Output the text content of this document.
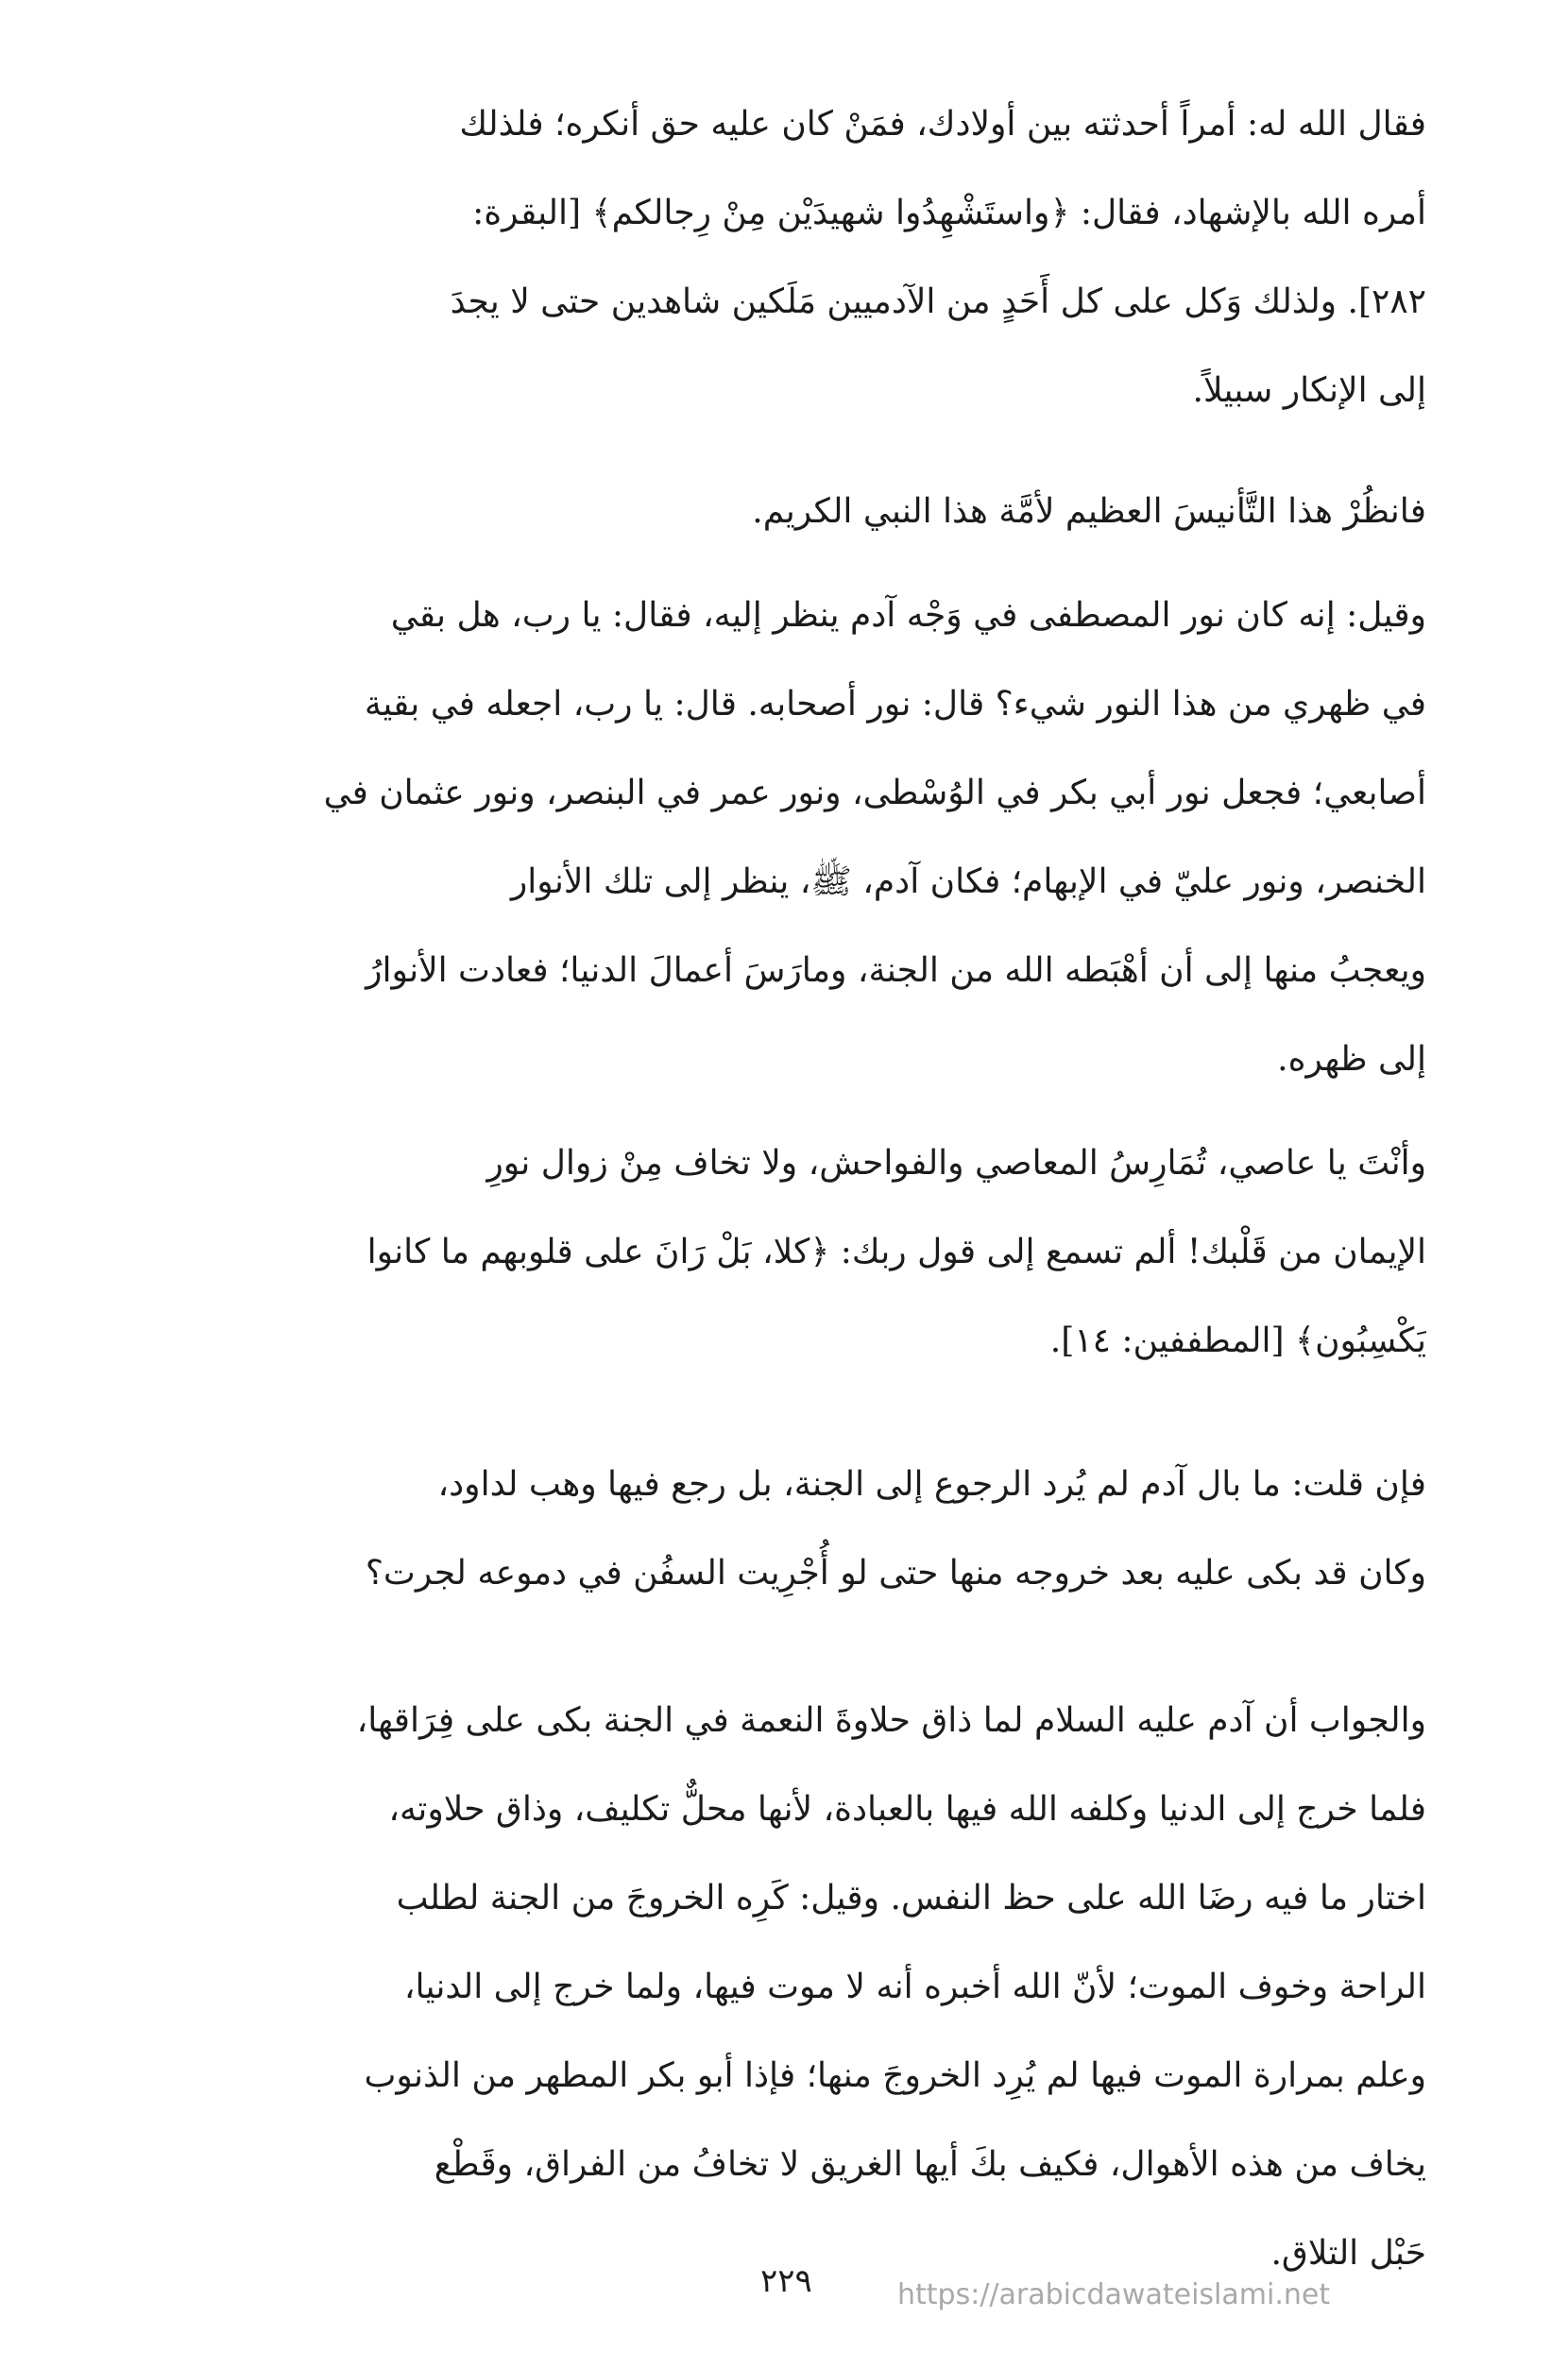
فقال الله له: أمراً أحدثته بين أولادك، فمَنْ كان عليه حق أنكره؛ فلذلك
أمره الله بالإشهاد، فقال: ﴿واستَشْهِدُوا شهيدَيْن مِنْ رِجالكم﴾ [البقرة:
٢٨٢]. ولذلك وَكل على كل أَحَدٍ من الآدميين مَلَكين شاهدين حتى لا يجدَ
إلى الإنكار سبيلاً.

فانظُرْ هذا التَّأنيسَ العظيم لأمَّة هذا النبي الكريم.

وقيل: إنه كان نور المصطفى في وَجْه آدم ينظر إليه، فقال: يا رب، هل بقي
في ظهري من هذا النور شيء؟ قال: نور أصحابه. قال: يا رب، اجعله في بقية
أصابعي؛ فجعل نور أبي بكر في الوُسْطى، ونور عمر في البنصر، ونور عثمان في
الخنصر، ونور عليّ في الإبهام؛ فكان آدم، ﷺ، ينظر إلى تلك الأنوار
ويعجبُ منها إلى أن أهْبَطه الله من الجنة، ومارَسَ أعمالَ الدنيا؛ فعادت الأنوارُ
إلى ظهره.

وأنْتَ يا عاصي، تُمَارِسُ المعاصي والفواحش، ولا تخاف مِنْ زوال نورِ
الإيمان من قَلْبك! ألم تسمع إلى قول ربك: ﴿كلا، بَلْ رَانَ على قلوبهم ما كانوا
يَكْسِبُون﴾ [المطففين: ١٤].

فإن قلت: ما بال آدم لم يُرد الرجوع إلى الجنة، بل رجع فيها وهب لداود،
وكان قد بكى عليه بعد خروجه منها حتى لو أُجْرِيت السفُن في دموعه لجرت؟

والجواب أن آدم عليه السلام لما ذاق حلاوةَ النعمة في الجنة بكى على فِرَاقها،
فلما خرج إلى الدنيا وكلفه الله فيها بالعبادة، لأنها محلٌّ تكليف، وذاق حلاوته،
اختار ما فيه رضَا الله على حظ النفس. وقيل: كَرِه الخروجَ من الجنة لطلب
الراحة وخوف الموت؛ لأنّ الله أخبره أنه لا موت فيها، ولما خرج إلى الدنيا،
وعلم بمرارة الموت فيها لم يُرِد الخروجَ منها؛ فإذا أبو بكر المطهر من الذنوب
يخاف من هذه الأهوال، فكيف بكَ أيها الغريق لا تخافُ من الفراق، وقَطْع
حَبْل التلاق.

٢٢٩	https://arabicdawateislami.net
